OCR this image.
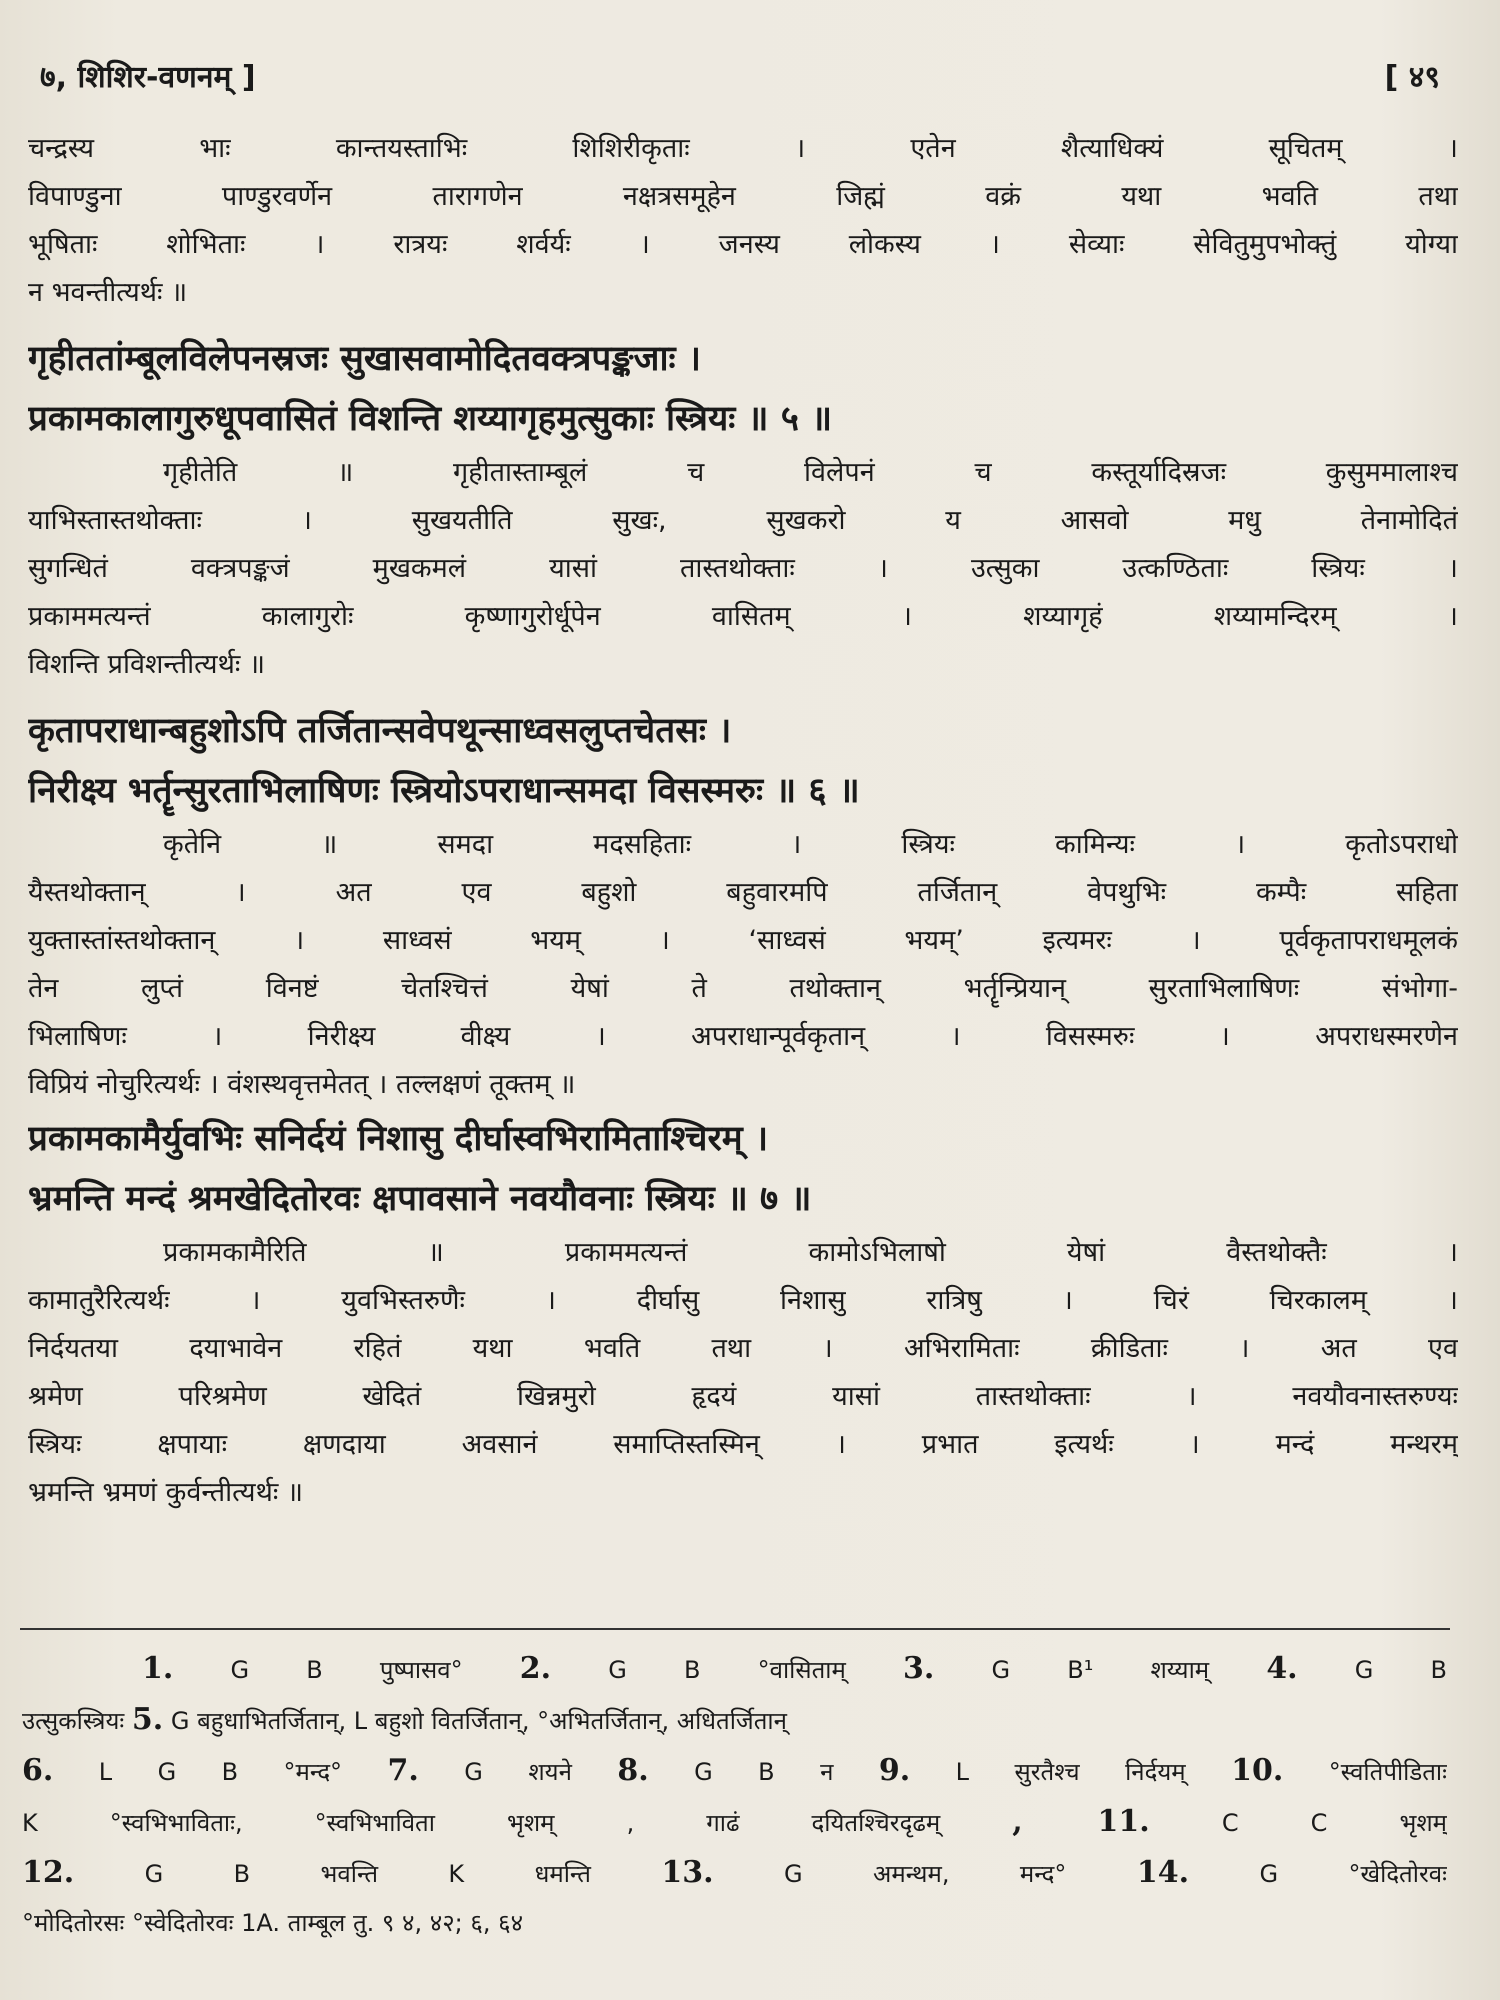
७, शिशिर-वणनम् ]	[ ४९
चन्द्रस्य भाः कान्तयस्ताभिः शिशिरीकृताः । एतेन शैत्याधिक्यं सूचितम् ।
विपाण्डुना पाण्डुरवर्णेन तारागणेन नक्षत्रसमूहेन जिह्मं वक्रं यथा भवति तथा
भूषिताः शोभिताः । रात्रयः शर्वर्यः । जनस्य लोकस्य । सेव्याः सेवितुमुपभोक्तुं योग्या
न भवन्तीत्यर्थः ॥
गृहीततांम्बूलविलेपनस्रजः सुखासवामोदितवक्त्रपङ्कजाः ।
प्रकामकालागुरुधूपवासितं विशन्ति शय्यागृहमुत्सुकाः स्त्रियः ॥ ५ ॥
गृहीतेति ॥ गृहीतास्ताम्बूलं च विलेपनं च कस्तूर्यादिस्रजः कुसुममालाश्च
याभिस्तास्तथोक्ताः । सुखयतीति सुखः, सुखकरो य आसवो मधु तेनामोदितं
सुगन्धितं वक्त्रपङ्कजं मुखकमलं यासां तास्तथोक्ताः । उत्सुका उत्कण्ठिताः स्त्रियः ।
प्रकाममत्यन्तं कालागुरोः कृष्णागुरोर्धूपेन वासितम् । शय्यागृहं शय्यामन्दिरम् ।
विशन्ति प्रविशन्तीत्यर्थः ॥
कृतापराधान्बहुशोऽपि तर्जितान्सवेपथून्साध्वसलुप्तचेतसः ।
निरीक्ष्य भर्तॄन्सुरताभिलाषिणः स्त्रियोऽपराधान्समदा विसस्मरुः ॥ ६ ॥
कृतेनि ॥ समदा मदसहिताः । स्त्रियः कामिन्यः । कृतोऽपराधो
यैस्तथोक्तान् । अत एव बहुशो बहुवारमपि तर्जितान् वेपथुभिः कम्पैः सहिता
युक्तास्तांस्तथोक्तान् । साध्वसं भयम् । ‘साध्वसं भयम्’ इत्यमरः । पूर्वकृतापराधमूलकं
तेन लुप्तं विनष्टं चेतश्चित्तं येषां ते तथोक्तान् भर्तॄन्प्रियान् सुरताभिलाषिणः संभोगा-
भिलाषिणः । निरीक्ष्य वीक्ष्य । अपराधान्पूर्वकृतान् । विसस्मरुः । अपराधस्मरणेन
विप्रियं नोचुरित्यर्थः । वंशस्थवृत्तमेतत् । तल्लक्षणं तूक्तम् ॥
प्रकामकामैर्युवभिः सनिर्दयं निशासु दीर्घास्वभिरामिताश्चिरम् ।
भ्रमन्ति मन्दं श्रमखेदितोरवः क्षपावसाने नवयौवनाः स्त्रियः ॥ ७ ॥
प्रकामकामैरिति ॥ प्रकाममत्यन्तं कामोऽभिलाषो येषां वैस्तथोक्तैः ।
कामातुरैरित्यर्थः । युवभिस्तरुणैः । दीर्घासु निशासु रात्रिषु । चिरं चिरकालम् ।
निर्दयतया दयाभावेन रहितं यथा भवति तथा । अभिरामिताः क्रीडिताः । अत एव
श्रमेण परिश्रमेण खेदितं खिन्नमुरो हृदयं यासां तास्तथोक्ताः । नवयौवनास्तरुण्यः
स्त्रियः क्षपायाः क्षणदाया अवसानं समाप्तिस्तस्मिन् । प्रभात इत्यर्थः । मन्दं मन्थरम्
भ्रमन्ति भ्रमणं कुर्वन्तीत्यर्थः ॥
1. G B पुष्पासव° 2. G B °वासिताम् 3. G B¹ शय्याम् 4. G B
उत्सुकस्त्रियः 5. G बहुधाभितर्जितान्, L बहुशो वितर्जितान्, °अभितर्जितान्, अधितर्जितान्
6. L G B °मन्द° 7. G शयने 8. G B न 9. L सुरतैश्च निर्दयम् 10. °स्वतिपीडिताः
K °स्वभिभाविताः, °स्वभिभाविता भृशम् , गाढं दयितश्चिरदृढम् , 11.	C C भृशम्
12.	G B भवन्ति K धमन्ति 13.	G अमन्थम, मन्द° 14.	G °खेदितोरवः
°मोदितोरसः °स्वेदितोरवः 1A. ताम्बूल तु. ९ ४, ४२; ६, ६४
